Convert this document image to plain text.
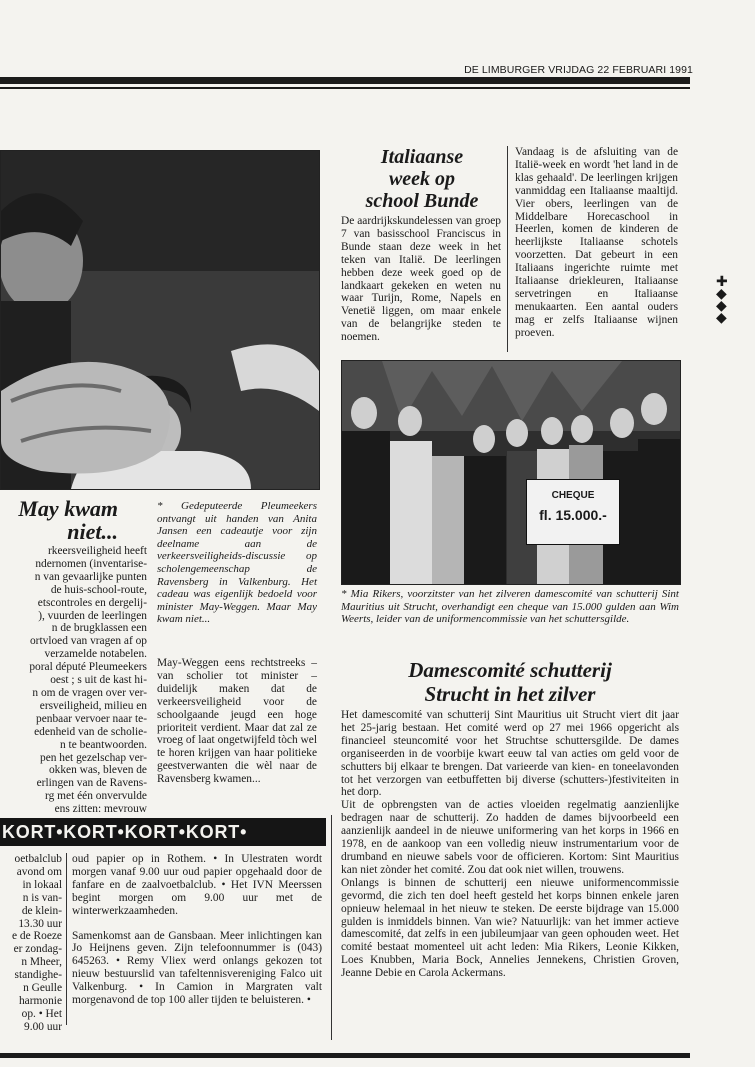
DE LIMBURGER VRIJDAG 22 FEBRUARI 1991
May kwam
niet...
rkeersveiligheid heeft
ndernomen (inventarise-
n van gevaarlijke punten
de huis-school-route,
etscontroles en dergelij-
), vuurden de leerlingen
n de brugklassen een
ortvloed van vragen af op
verzamelde notabelen.
poral député Pleumeekers
oest ; s uit de kast hi-
n om de vragen over ver-
ersveiligheid, milieu en
penbaar vervoer naar te-
edenheid van de scholie-
n te beantwoorden.
pen het gezelschap ver-
okken was, bleven de
erlingen van de Ravens-
rg met één onvervulde
ens zitten: mevrouw
* Gedeputeerde Pleumeekers ontvangt uit handen van Anita Jansen een cadeautje voor zijn deelname aan de verkeersveiligheids-discussie op scholengemeenschap de Ravensberg in Valkenburg. Het cadeau was eigenlijk bedoeld voor minister May-Weggen. Maar May kwam niet...
May-Weggen eens rechtstreeks – van scholier tot minister – duidelijk maken dat de verkeersveiligheid voor de schoolgaande jeugd een hoge prioriteit verdient. Maar dat zal ze vroeg of laat ongetwijfeld tòch wel te horen krijgen van haar politieke geestverwanten die wèl naar de Ravensberg kwamen...
Italiaanse
week op
school Bunde
De aardrijkskundelessen van groep 7 van basisschool Franciscus in Bunde staan deze week in het teken van Italië. De leerlingen hebben deze week goed op de landkaart gekeken en weten nu waar Turijn, Rome, Napels en Venetië liggen, om maar enkele van de belangrijke steden te noemen.
Vandaag is de afsluiting van de Italië-week en wordt 'het land in de klas gehaald'. De leerlingen krijgen vanmiddag een Italiaanse maaltijd. Vier obers, leerlingen van de Middelbare Horecaschool in Heerlen, komen de kinderen de heerlijkste Italiaanse schotels voorzetten. Dat gebeurt in een Italiaans ingerichte ruimte met Italiaanse driekleuren, Italiaanse servetringen en Italiaanse menukaarten. Een aantal ouders mag er zelfs Italiaanse wijnen proeven.
CHEQUE
fl. 15.000.-
* Mia Rikers, voorzitster van het zilveren damescomité van schutterij Sint Mauritius uit Strucht, overhandigt een cheque van 15.000 gulden aan Wim Weerts, leider van de uniformencommissie van het schuttersgilde.
Damescomité schutterij
Strucht in het zilver

Het damescomité van schutterij Sint Mauritius uit Strucht viert dit jaar het 25-jarig bestaan. Het comité werd op 27 mei 1966 opgericht als financieel steuncomité voor het Struchtse schuttersgilde. De dames organiseerden in de voorbije kwart eeuw tal van acties om geld voor de schutters bij elkaar te brengen. Dat varieerde van kien- en toneelavonden tot het verzorgen van eetbuffetten bij diverse (schutters-)festiviteiten in het dorp.

Uit de opbrengsten van de acties vloeiden regelmatig aanzienlijke bedragen naar de schutterij. Zo hadden de dames bijvoorbeeld een aanzienlijk aandeel in de nieuwe uniformering van het korps in 1966 en 1978, en de aankoop van een volledig nieuw instrumentarium voor de drumband en nieuwe sabels voor de officieren. Kortom: Sint Mauritius kan niet zònder het comité. Zou dat ook niet willen, trouwens.

Onlangs is binnen de schutterij een nieuwe uniformencommissie gevormd, die zich ten doel heeft gesteld het korps binnen enkele jaren opnieuw helemaal in het nieuw te steken. De eerste bijdrage van 15.000 gulden is inmiddels binnen. Van wie? Natuurlijk: van het immer actieve damescomité, dat zelfs in een jubileumjaar van geen ophouden weet. Het comité bestaat momenteel uit acht leden: Mia Rikers, Leonie Kikken, Loes Knubben, Maria Bock, Annelies Jennekens, Christien Groven, Jeanne Debie en Carola Ackermans.

KORT•KORT•KORT•KORT•
oetbalclub
avond om
in lokaal
n is van-
de klein-
13.30 uur
e de Roeze
er zondag-
n Mheer,
standighe-
n Geulle
harmonie
op. • Het
9.00 uur

oud papier op in Rothem. • In Ulestraten wordt morgen vanaf 9.00 uur oud papier opgehaald door de fanfare en de zaalvoetbalclub. • Het IVN Meerssen begint morgen om 9.00 uur met de winterwerkzaamheden.

Samenkomst aan de Gansbaan. Meer inlichtingen kan Jo Heijnens geven. Zijn telefoonnummer is (043) 645263. • Remy Vliex werd onlangs gekozen tot nieuw bestuurslid van tafeltennisvereniging Falco uit Valkenburg. • In Camion in Margraten valt morgenavond de top 100 aller tijden te beluisteren. •

✚
◆
◆
◆
